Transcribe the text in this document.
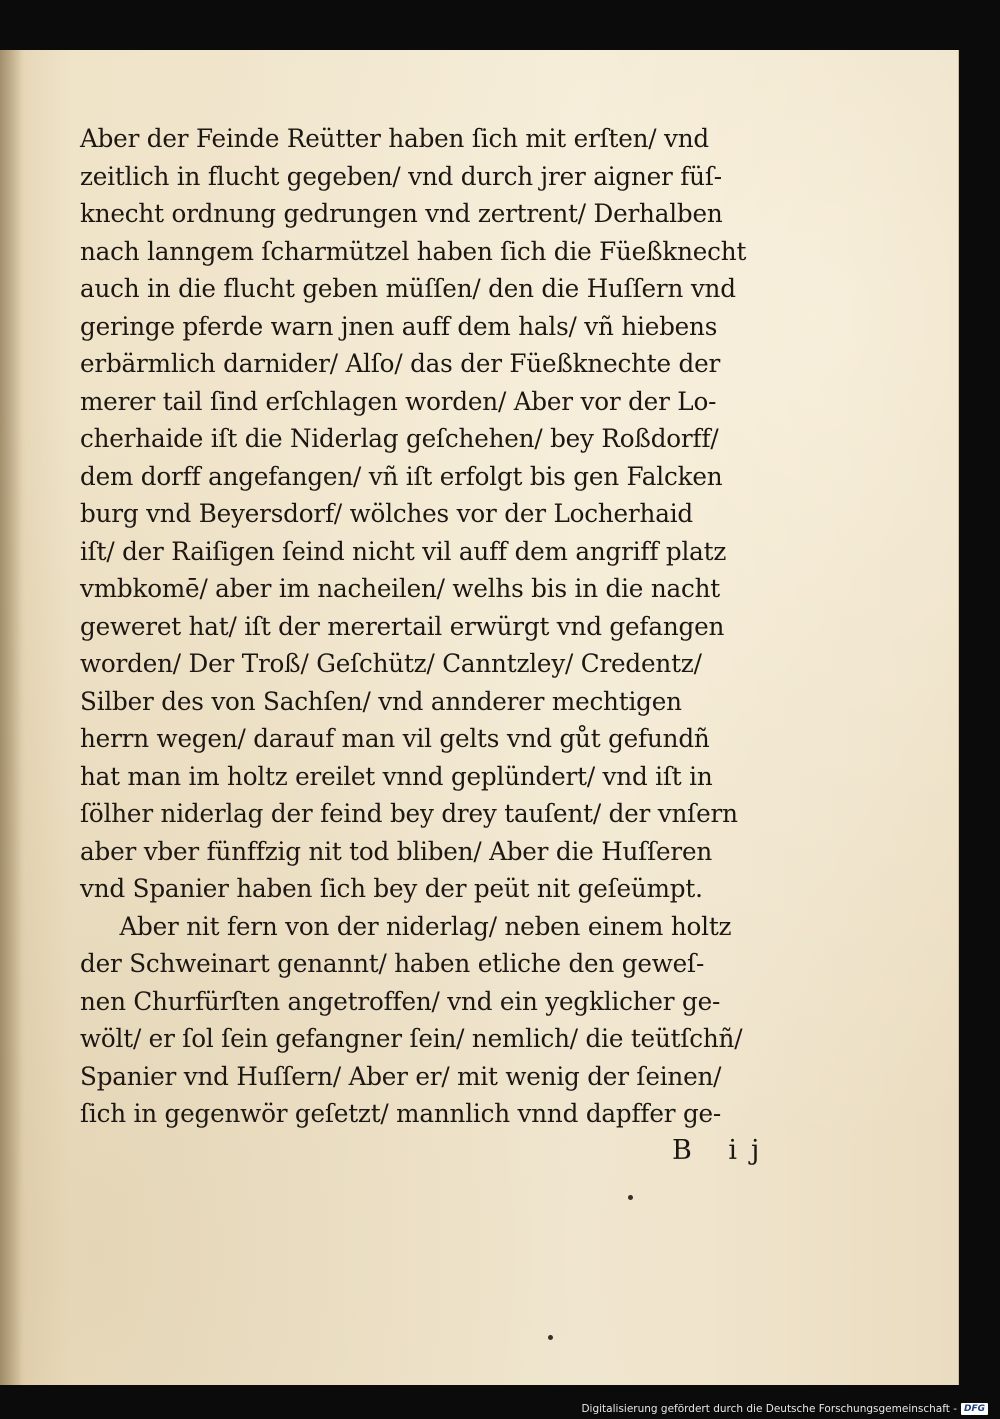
Aber der Feinde Reütter haben ſich mit erſten/ vnd
zeitlich in flucht gegeben/ vnd durch jrer aigner füſ-
knecht ordnung gedrungen vnd zertrent/ Derhalben
nach lanngem ſcharmützel haben ſich die Füeßknecht
auch in die flucht geben müſſen/ den die Huſſern vnd
geringe pferde warn jnen auff dem hals/ vñ hiebens
erbärmlich darnider/ Alſo/ das der Füeßknechte der
merer tail ſind erſchlagen worden/ Aber vor der Lo-
cherhaide iſt die Niderlag geſchehen/ bey Roßdorff/
dem dorff angefangen/ vñ iſt erfolgt bis gen Falcken
burg vnd Beyersdorf/ wölches vor der Locherhaid
iſt/ der Raiſigen ſeind nicht vil auff dem angriff platz
vmbkomē/ aber im nacheilen/ welhs bis in die nacht
geweret hat/ iſt der merertail erwürgt vnd gefangen
worden/ Der Troß/ Geſchütz/ Canntzley/ Credentz/
Silber des von Sachſen/ vnd annderer mechtigen
herrn wegen/ darauf man vil gelts vnd gůt gefundñ
hat man im holtz ereilet vnnd geplündert/ vnd iſt in
ſölher niderlag der feind bey drey tauſent/ der vnſern
aber vber fünffzig nit tod bliben/ Aber die Huſſeren
vnd Spanier haben ſich bey der peüt nit geſeümpt.
Aber nit fern von der niderlag/ neben einem holtz
der Schweinart genannt/ haben etliche den geweſ-
nen Churfürſten angetroffen/ vnd ein yegklicher ge-
wölt/ er ſol ſein gefangner ſein/ nemlich/ die teütſchñ/
Spanier vnd Huſſern/ Aber er/ mit wenig der ſeinen/
ſich in gegenwör geſetzt/ mannlich vnnd dapffer ge-
B ij
Digitalisierung gefördert durch die Deutsche Forschungsgemeinschaft - DFG
